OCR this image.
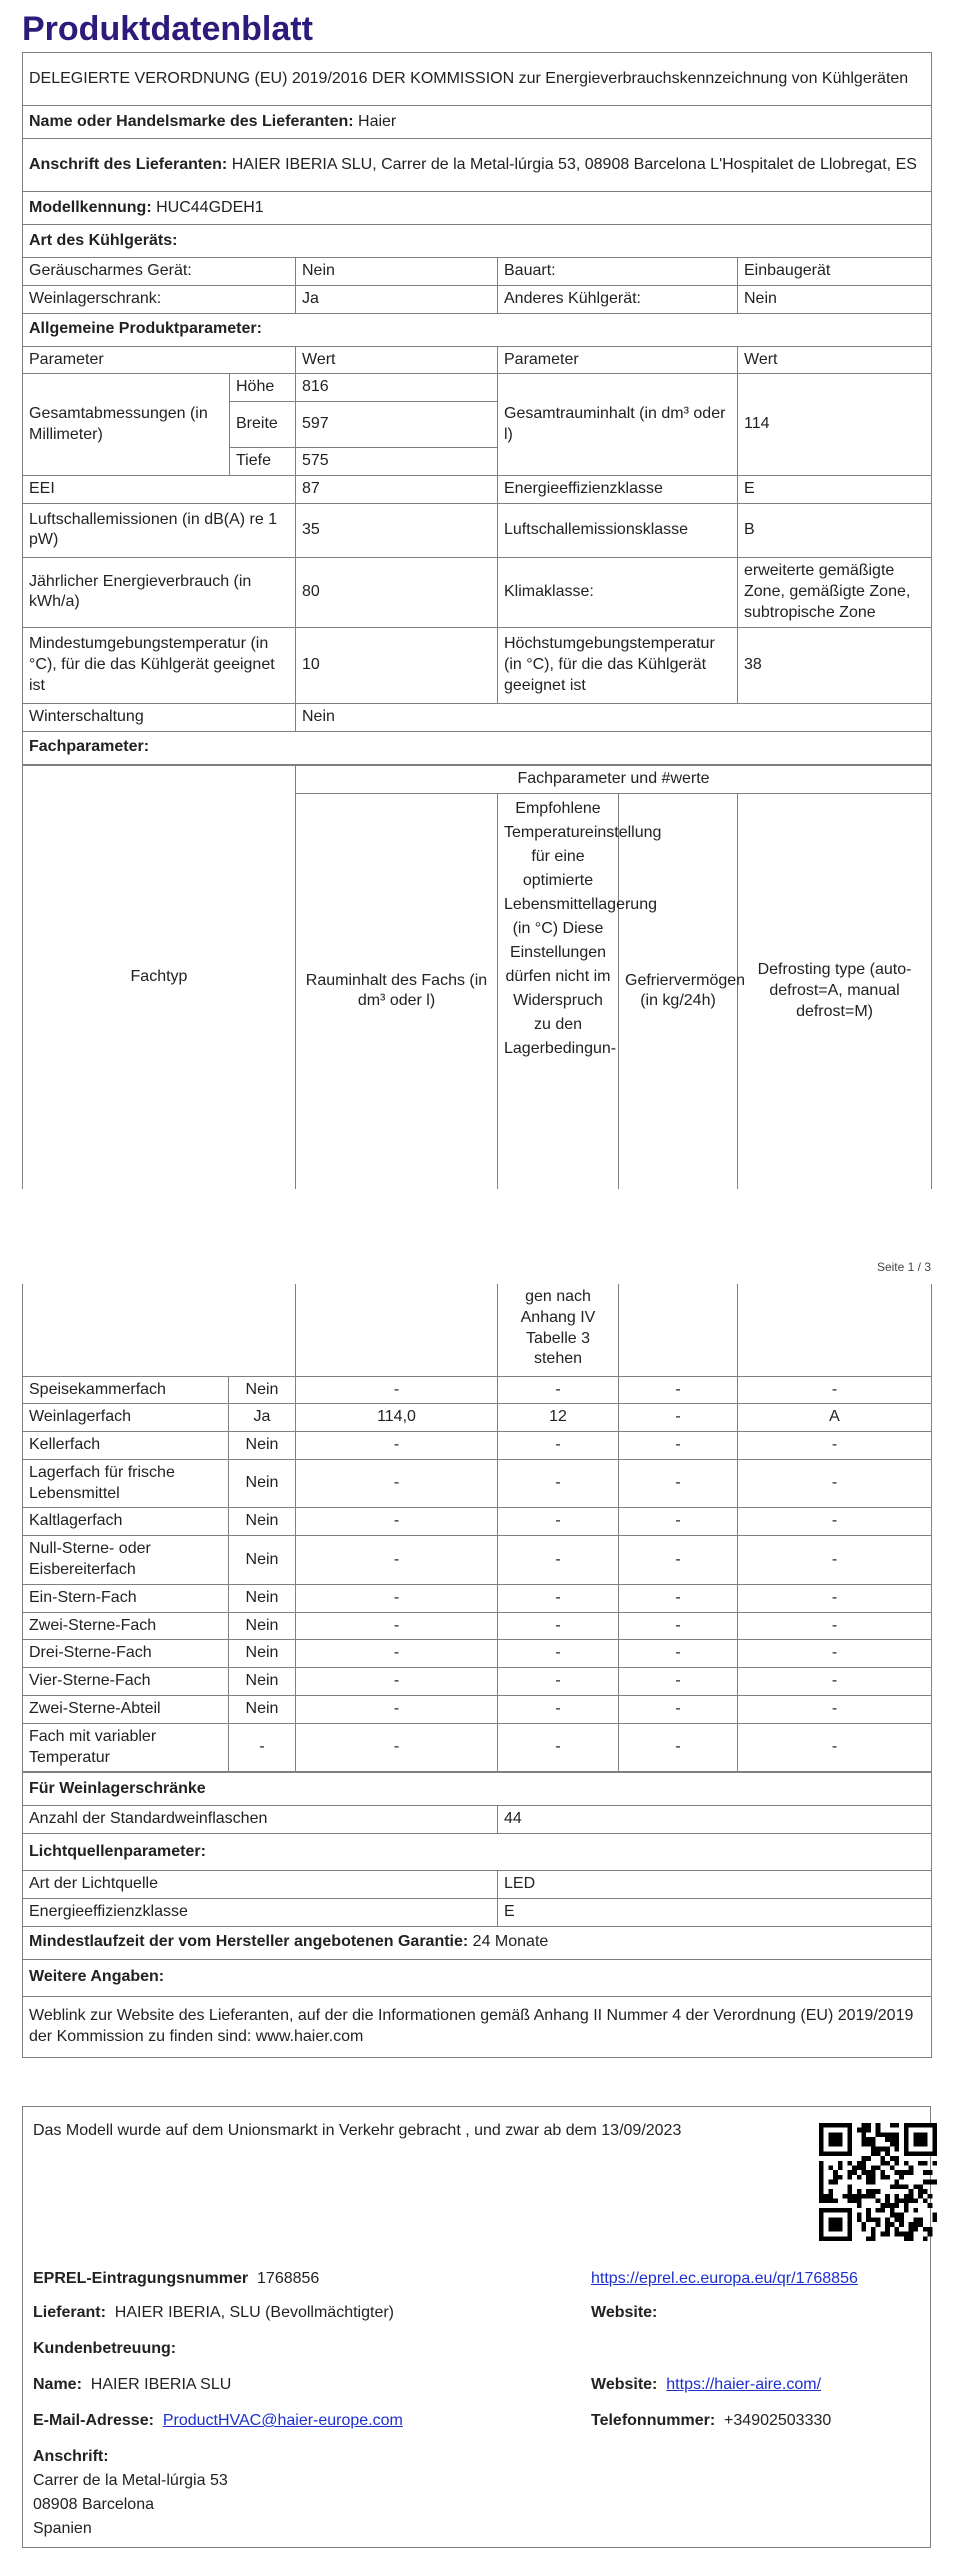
Produktdatenblatt
DELEGIERTE VERORDNUNG (EU) 2019/2016 DER KOMMISSION zur Energieverbrauchskennzeichnung von Kühlgeräten				
Name oder Handelsmarke des Lieferanten: Haier				
Anschrift des Lieferanten: HAIER IBERIA SLU, Carrer de la Metal-lúrgia 53, 08908 Barcelona L'Hospitalet de Llobregat, ES				
Modellkennung: HUC44GDEH1				
Art des Kühlgeräts:				
Geräuscharmes Gerät:		Nein	Bauart:	Einbaugerät
Weinlagerschrank:		Ja	Anderes Kühlgerät:	Nein
Allgemeine Produktparameter:				
Parameter		Wert	Parameter	Wert
Gesamtabmessungen (in Millimeter)	Höhe	816	Gesamtrauminhalt (in dm³ oder l)	114
	Breite	597		
	Tiefe	575		
EEI		87	Energieeffizienzklasse	E
Luftschallemissionen (in dB(A) re 1 pW)		35	Luftschallemissionsklasse	B
Jährlicher Energieverbrauch (in kWh/a)		80	Klimaklasse:	erweiterte gemäßigte Zone, gemäßigte Zone, subtropische Zone
Mindestumgebungstemperatur (in °C), für die das Kühlgerät geeignet ist		10	Höchstumgebungstemperatur (in °C), für die das Kühlgerät geeignet ist	38
Winterschaltung		Nein		
Fachparameter:				
Fachtyp	Fachparameter und #werte			
	Rauminhalt des Fachs (in dm³ oder l)	Empfohlene Temperatureinstellung für eine optimierte Lebensmittellagerung (in °C) Diese Einstellungen dürfen nicht im Widerspruch zu den Lagerbedingun-	Gefriervermögen (in kg/24h)	Defrosting type (auto-defrost=A, manual defrost=M)
Seite 1 / 3
			gen nach Anhang IV Tabelle 3 stehen		
Speisekammerfach	Nein	-	-	-	-
Weinlagerfach	Ja	114,0	12	-	A
Kellerfach	Nein	-	-	-	-
Lagerfach für frische Lebensmittel	Nein	-	-	-	-
Kaltlagerfach	Nein	-	-	-	-
Null-Sterne- oder Eisbereiterfach	Nein	-	-	-	-
Ein-Stern-Fach	Nein	-	-	-	-
Zwei-Sterne-Fach	Nein	-	-	-	-
Drei-Sterne-Fach	Nein	-	-	-	-
Vier-Sterne-Fach	Nein	-	-	-	-
Zwei-Sterne-Abteil	Nein	-	-	-	-
Fach mit variabler Temperatur	-	-	-	-	-
Für Weinlagerschränke	
Anzahl der Standardweinflaschen	44
Lichtquellenparameter:	
Art der Lichtquelle	LED
Energieeffizienzklasse	E
Mindestlaufzeit der vom Hersteller angebotenen Garantie: 24 Monate	
Weitere Angaben:	
Weblink zur Website des Lieferanten, auf der die Informationen gemäß Anhang II Nummer 4 der Verordnung (EU) 2019/2019 der Kommission zu finden sind: www.haier.com	
Das Modell wurde auf dem Unionsmarkt in Verkehr gebracht , und zwar ab dem 13/09/2023
EPREL-Eintragungsnummer 1768856	https://eprel.ec.europa.eu/qr/1768856
Lieferant: HAIER IBERIA, SLU (Bevollmächtigter)	Website:
Kundenbetreuung:
Name: HAIER IBERIA SLU	Website: https://haier-aire.com/
E-Mail-Adresse: ProductHVAC@haier-europe.com	Telefonnummer: +34902503330
Anschrift:
Carrer de la Metal-lúrgia 53
08908 Barcelona
Spanien
